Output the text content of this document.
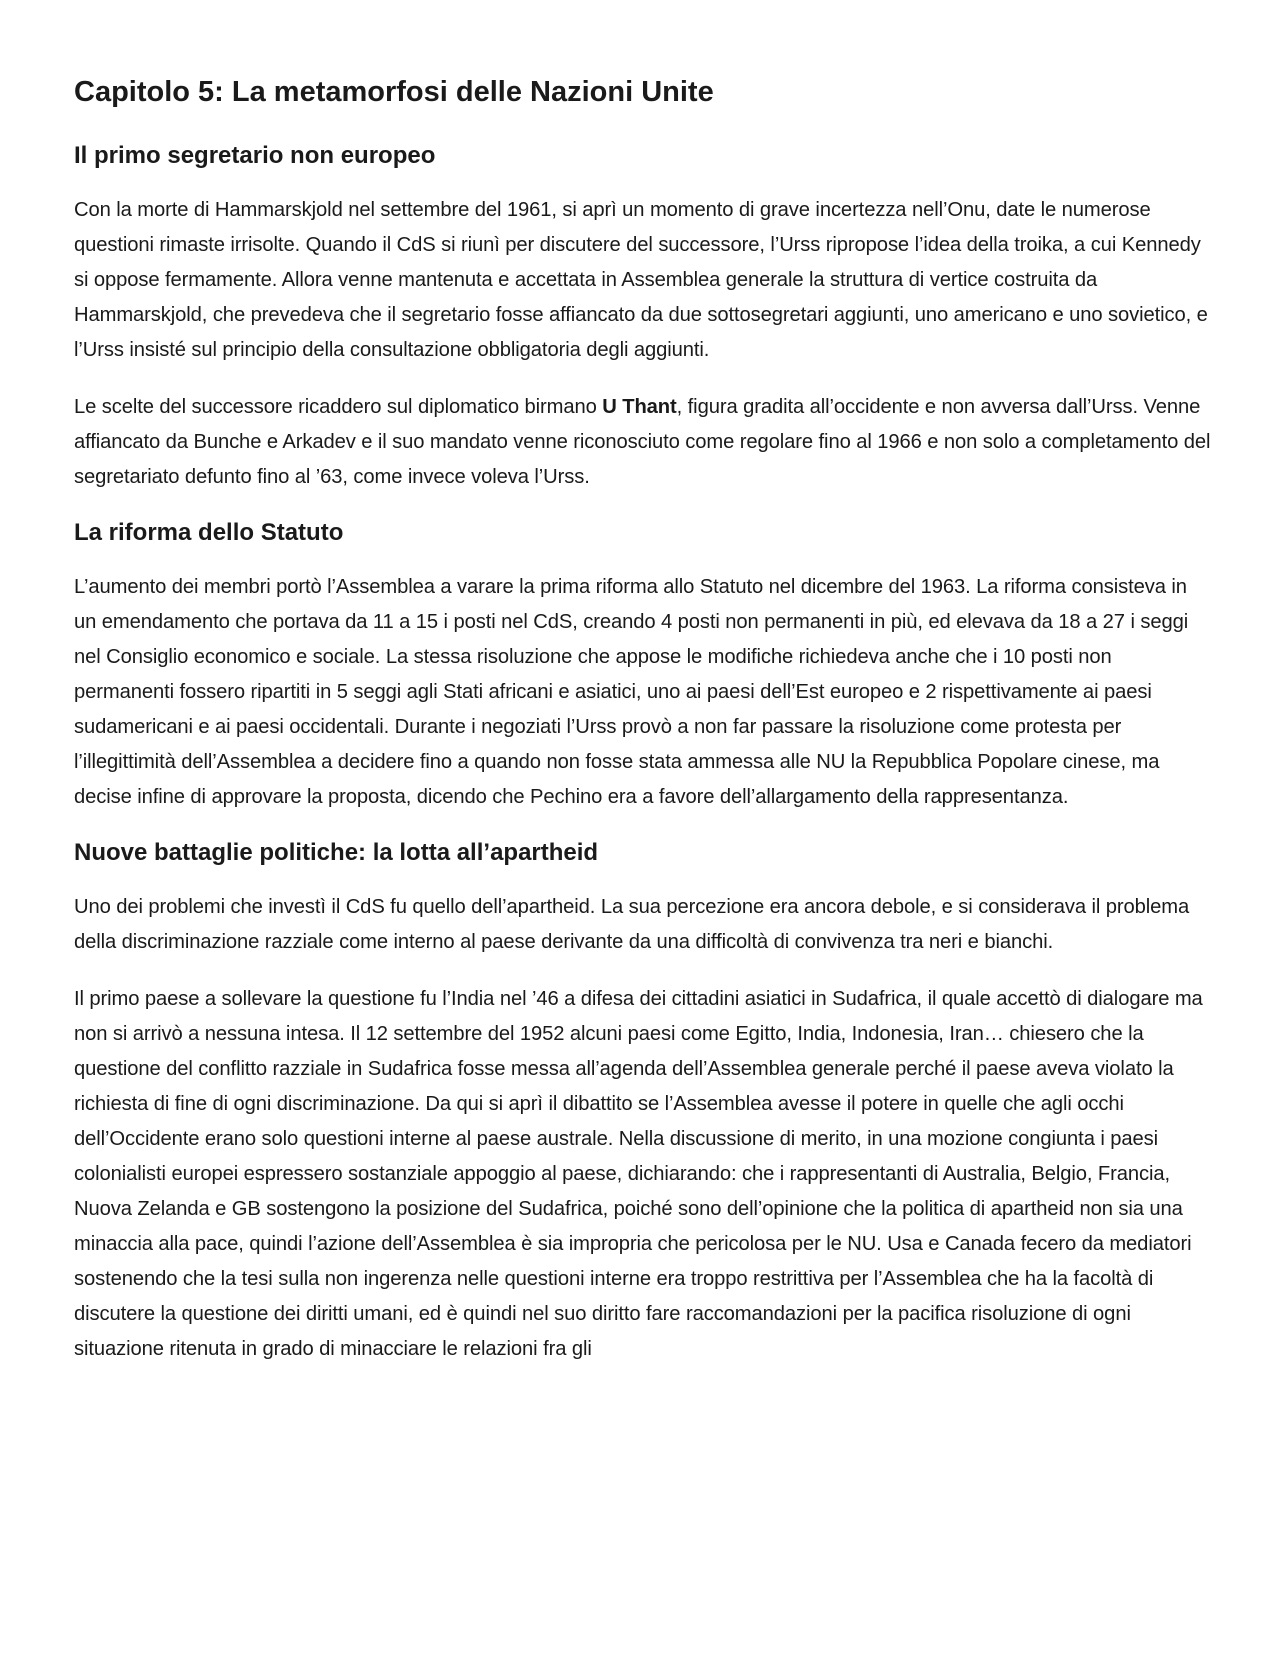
Capitolo 5: La metamorfosi delle Nazioni Unite
Il primo segretario non europeo

Con la morte di Hammarskjold nel settembre del 1961, si aprì un momento di grave incertezza nell’Onu, date le numerose questioni rimaste irrisolte. Quando il CdS si riunì per discutere del successore, l’Urss ripropose l’idea della troika, a cui Kennedy si oppose fermamente. Allora venne mantenuta e accettata in Assemblea generale la struttura di vertice costruita da Hammarskjold, che prevedeva che il segretario fosse affiancato da due sottosegretari aggiunti, uno americano e uno sovietico, e l’Urss insisté sul principio della consultazione obbligatoria degli aggiunti.

Le scelte del successore ricaddero sul diplomatico birmano U Thant, figura gradita all’occidente e non avversa dall’Urss. Venne affiancato da Bunche e Arkadev e il suo mandato venne riconosciuto come regolare fino al 1966 e non solo a completamento del segretariato defunto fino al ’63, come invece voleva l’Urss.

La riforma dello Statuto

L’aumento dei membri portò l’Assemblea a varare la prima riforma allo Statuto nel dicembre del 1963. La riforma consisteva in un emendamento che portava da 11 a 15 i posti nel CdS, creando 4 posti non permanenti in più, ed elevava da 18 a 27 i seggi nel Consiglio economico e sociale. La stessa risoluzione che appose le modifiche richiedeva anche che i 10 posti non permanenti fossero ripartiti in 5 seggi agli Stati africani e asiatici, uno ai paesi dell’Est europeo e 2 rispettivamente ai paesi sudamericani e ai paesi occidentali. Durante i negoziati l’Urss provò a non far passare la risoluzione come protesta per l’illegittimità dell’Assemblea a decidere fino a quando non fosse stata ammessa alle NU la Repubblica Popolare cinese, ma decise infine di approvare la proposta, dicendo che Pechino era a favore dell’allargamento della rappresentanza.

Nuove battaglie politiche: la lotta all’apartheid

Uno dei problemi che investì il CdS fu quello dell’apartheid. La sua percezione era ancora debole, e si considerava il problema della discriminazione razziale come interno al paese derivante da una difficoltà di convivenza tra neri e bianchi.

Il primo paese a sollevare la questione fu l’India nel ’46 a difesa dei cittadini asiatici in Sudafrica, il quale accettò di dialogare ma non si arrivò a nessuna intesa. Il 12 settembre del 1952 alcuni paesi come Egitto, India, Indonesia, Iran… chiesero che la questione del conflitto razziale in Sudafrica fosse messa all’agenda dell’Assemblea generale perché il paese aveva violato la richiesta di fine di ogni discriminazione. Da qui si aprì il dibattito se l’Assemblea avesse il potere in quelle che agli occhi dell’Occidente erano solo questioni interne al paese australe. Nella discussione di merito, in una mozione congiunta i paesi colonialisti europei espressero sostanziale appoggio al paese, dichiarando: che i rappresentanti di Australia, Belgio, Francia, Nuova Zelanda e GB sostengono la posizione del Sudafrica, poiché sono dell’opinione che la politica di apartheid non sia una minaccia alla pace, quindi l’azione dell’Assemblea è sia impropria che pericolosa per le NU. Usa e Canada fecero da mediatori sostenendo che la tesi sulla non ingerenza nelle questioni interne era troppo restrittiva per l’Assemblea che ha la facoltà di discutere la questione dei diritti umani, ed è quindi nel suo diritto fare raccomandazioni per la pacifica risoluzione di ogni situazione ritenuta in grado di minacciare le relazioni fra gli
